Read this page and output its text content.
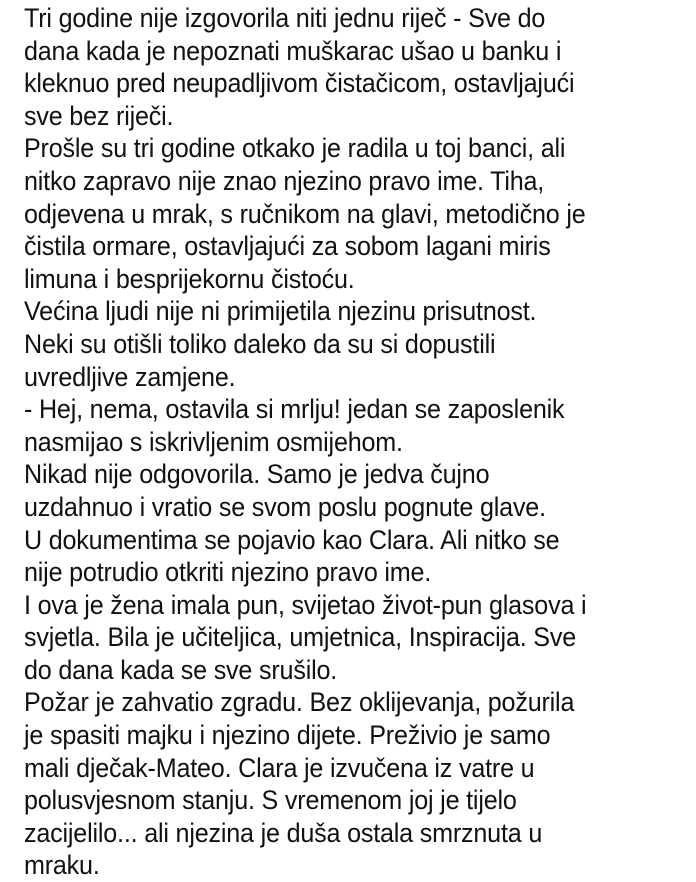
Tri godine nije izgovorila niti jednu riječ - Sve do
dana kada je nepoznati muškarac ušao u banku i
kleknuo pred neupadljivom čistačicom, ostavljajući
sve bez riječi.
Prošle su tri godine otkako je radila u toj banci, ali
nitko zapravo nije znao njezino pravo ime. Tiha,
odjevena u mrak, s ručnikom na glavi, metodično je
čistila ormare, ostavljajući za sobom lagani miris
limuna i besprijekornu čistoću.
Većina ljudi nije ni primijetila njezinu prisutnost.
Neki su otišli toliko daleko da su si dopustili
uvredljive zamjene.
- Hej, nema, ostavila si mrlju! jedan se zaposlenik
nasmijao s iskrivljenim osmijehom.
Nikad nije odgovorila. Samo je jedva čujno
uzdahnuo i vratio se svom poslu pognute glave.
U dokumentima se pojavio kao Clara. Ali nitko se
nije potrudio otkriti njezino pravo ime.
I ova je žena imala pun, svijetao život-pun glasova i
svjetla. Bila je učiteljica, umjetnica, Inspiracija. Sve
do dana kada se sve srušilo.
Požar je zahvatio zgradu. Bez oklijevanja, požurila
je spasiti majku i njezino dijete. Preživio je samo
mali dječak-Mateo. Clara je izvučena iz vatre u
polusvjesnom stanju. S vremenom joj je tijelo
zacijelilo... ali njezina je duša ostala smrznuta u
mraku.
